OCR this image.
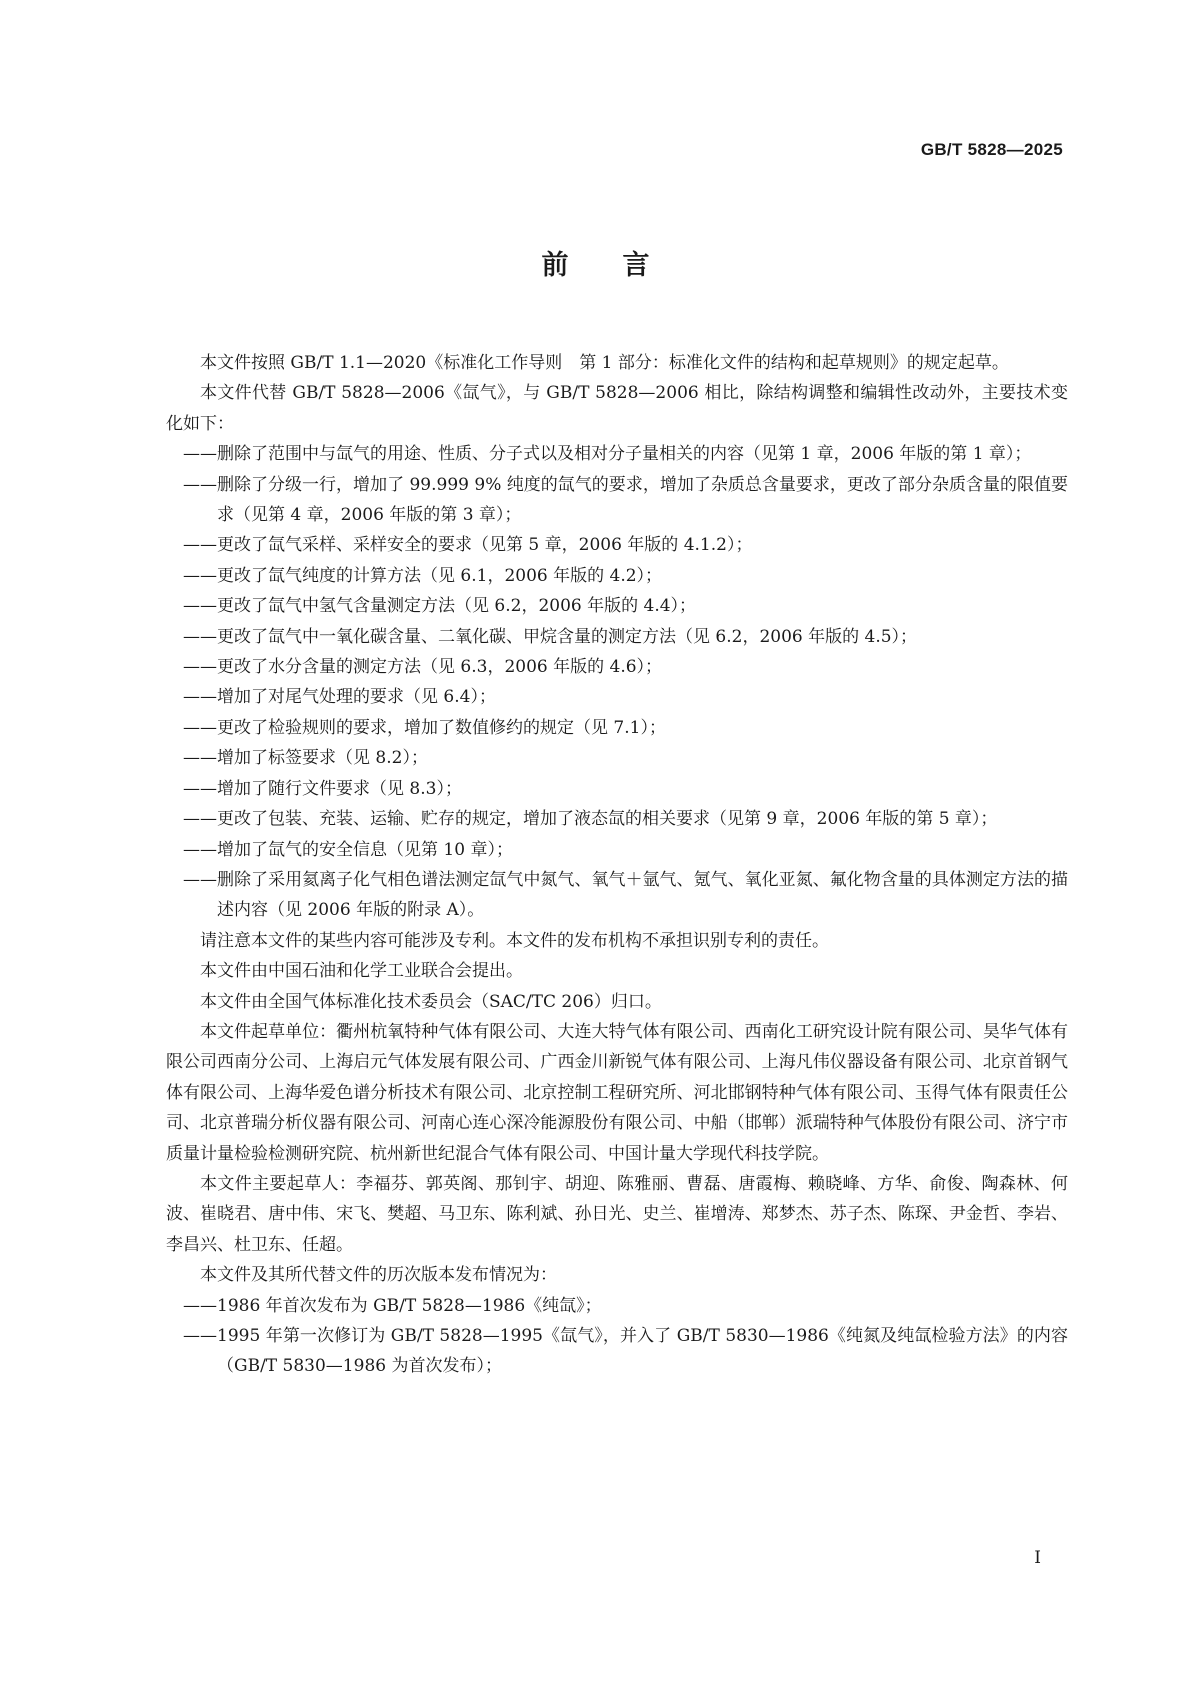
GB/T 5828—2025
前　　言

本文件按照 GB/T 1.1—2020《标准化工作导则　第 1 部分：标准化文件的结构和起草规则》的规定起草。

本文件代替 GB/T 5828—2006《氙气》，与 GB/T 5828—2006 相比，除结构调整和编辑性改动外，主要技术变化如下：

——删除了范围中与氙气的用途、性质、分子式以及相对分子量相关的内容（见第 1 章，2006 年版的第 1 章）；

——删除了分级一行，增加了 99.999 9% 纯度的氙气的要求，增加了杂质总含量要求，更改了部分杂质含量的限值要求（见第 4 章，2006 年版的第 3 章）；

——更改了氙气采样、采样安全的要求（见第 5 章，2006 年版的 4.1.2）；

——更改了氙气纯度的计算方法（见 6.1，2006 年版的 4.2）；

——更改了氙气中氢气含量测定方法（见 6.2，2006 年版的 4.4）；

——更改了氙气中一氧化碳含量、二氧化碳、甲烷含量的测定方法（见 6.2，2006 年版的 4.5）；

——更改了水分含量的测定方法（见 6.3，2006 年版的 4.6）；

——增加了对尾气处理的要求（见 6.4）；

——更改了检验规则的要求，增加了数值修约的规定（见 7.1）；

——增加了标签要求（见 8.2）；

——增加了随行文件要求（见 8.3）；

——更改了包装、充装、运输、贮存的规定，增加了液态氙的相关要求（见第 9 章，2006 年版的第 5 章）；

——增加了氙气的安全信息（见第 10 章）；

——删除了采用氦离子化气相色谱法测定氙气中氮气、氧气＋氩气、氪气、氧化亚氮、氟化物含量的具体测定方法的描述内容（见 2006 年版的附录 A）。

请注意本文件的某些内容可能涉及专利。本文件的发布机构不承担识别专利的责任。

本文件由中国石油和化学工业联合会提出。

本文件由全国气体标准化技术委员会（SAC/TC 206）归口。

本文件起草单位：衢州杭氧特种气体有限公司、大连大特气体有限公司、西南化工研究设计院有限公司、昊华气体有限公司西南分公司、上海启元气体发展有限公司、广西金川新锐气体有限公司、上海凡伟仪器设备有限公司、北京首钢气体有限公司、上海华爱色谱分析技术有限公司、北京控制工程研究所、河北邯钢特种气体有限公司、玉得气体有限责任公司、北京普瑞分析仪器有限公司、河南心连心深冷能源股份有限公司、中船（邯郸）派瑞特种气体股份有限公司、济宁市质量计量检验检测研究院、杭州新世纪混合气体有限公司、中国计量大学现代科技学院。

本文件主要起草人：李福芬、郭英阁、那钊宇、胡迎、陈雅丽、曹磊、唐霞梅、赖晓峰、方华、俞俊、陶森林、何波、崔晓君、唐中伟、宋飞、樊超、马卫东、陈利斌、孙日光、史兰、崔增涛、郑梦杰、苏子杰、陈琛、尹金哲、李岩、李昌兴、杜卫东、任超。

本文件及其所代替文件的历次版本发布情况为：

——1986 年首次发布为 GB/T 5828—1986《纯氙》；

——1995 年第一次修订为 GB/T 5828—1995《氙气》，并入了 GB/T 5830—1986《纯氮及纯氙检验方法》的内容（GB/T 5830—1986 为首次发布）；

I
